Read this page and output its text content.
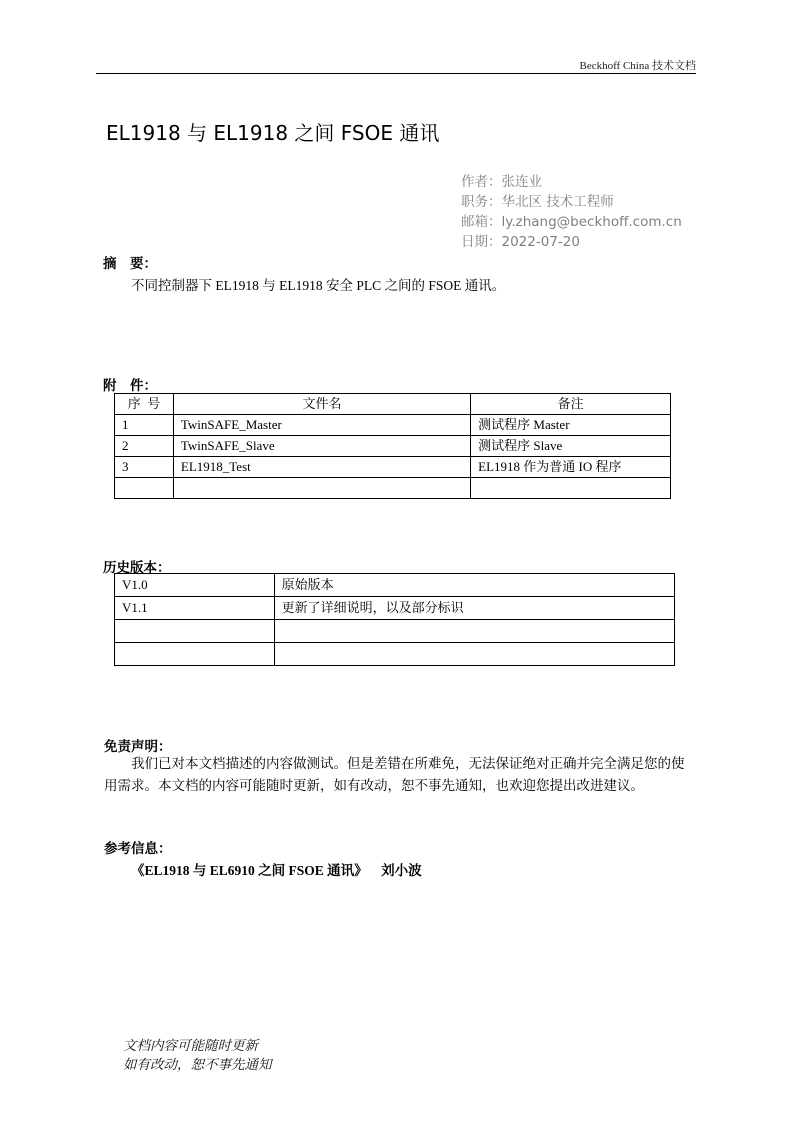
Beckhoff China 技术文档
EL1918 与 EL1918 之间 FSOE 通讯
作者：张连业
职务：华北区 技术工程师
邮箱：ly.zhang@beckhoff.com.cn
日期：2022-07-20
摘    要：
不同控制器下 EL1918 与 EL1918 安全 PLC 之间的 FSOE 通讯。
附    件：
序  号	文件名	备注
1	TwinSAFE_Master	测试程序 Master
2	TwinSAFE_Slave	测试程序 Slave
3	EL1918_Test	EL1918 作为普通 IO 程序

历史版本：
V1.0	原始版本
V1.1	更新了详细说明，以及部分标识

免责声明：

我们已对本文档描述的内容做测试。但是差错在所难免，无法保证绝对正确并完全满足您的使用需求。本文档的内容可能随时更新，如有改动，恕不事先通知，也欢迎您提出改进建议。

参考信息：
《EL1918 与 EL6910 之间 FSOE 通讯》    刘小波
文档内容可能随时更新
如有改动，恕不事先通知
